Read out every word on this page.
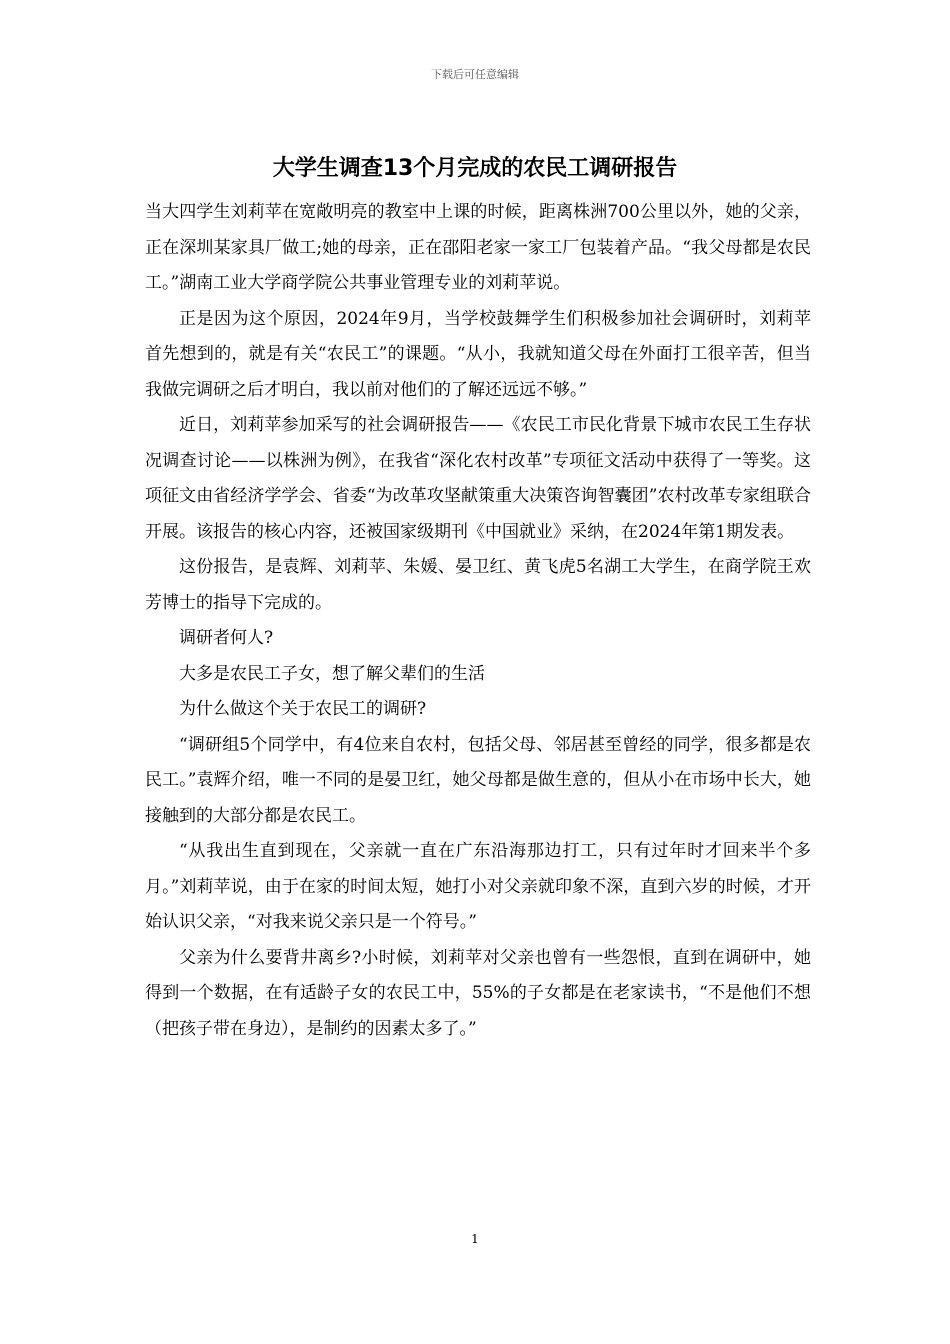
下载后可任意编辑
大学生调查13个月完成的农民工调研报告

当大四学生刘莉苹在宽敞明亮的教室中上课的时候，距离株洲700公里以外，她的父亲，正在深圳某家具厂做工;她的母亲，正在邵阳老家一家工厂包装着产品。“我父母都是农民工。”湖南工业大学商学院公共事业管理专业的刘莉苹说。

正是因为这个原因，2024年9月，当学校鼓舞学生们积极参加社会调研时，刘莉苹首先想到的，就是有关“农民工”的课题。“从小，我就知道父母在外面打工很辛苦，但当我做完调研之后才明白，我以前对他们的了解还远远不够。”

近日，刘莉苹参加采写的社会调研报告——《农民工市民化背景下城市农民工生存状况调查讨论——以株洲为例》，在我省“深化农村改革”专项征文活动中获得了一等奖。这项征文由省经济学学会、省委“为改革攻坚献策重大决策咨询智囊团”农村改革专家组联合开展。该报告的核心内容，还被国家级期刊《中国就业》采纳，在2024年第1期发表。

这份报告，是袁辉、刘莉苹、朱媛、晏卫红、黄飞虎5名湖工大学生，在商学院王欢芳博士的指导下完成的。

调研者何人?

大多是农民工子女，想了解父辈们的生活

为什么做这个关于农民工的调研?

“调研组5个同学中，有4位来自农村，包括父母、邻居甚至曾经的同学，很多都是农民工。”袁辉介绍，唯一不同的是晏卫红，她父母都是做生意的，但从小在市场中长大，她接触到的大部分都是农民工。

“从我出生直到现在，父亲就一直在广东沿海那边打工，只有过年时才回来半个多月。”刘莉苹说，由于在家的时间太短，她打小对父亲就印象不深，直到六岁的时候，才开始认识父亲，“对我来说父亲只是一个符号。”

父亲为什么要背井离乡?小时候，刘莉苹对父亲也曾有一些怨恨，直到在调研中，她得到一个数据，在有适龄子女的农民工中，55%的子女都是在老家读书，“不是他们不想（把孩子带在身边），是制约的因素太多了。”

1
